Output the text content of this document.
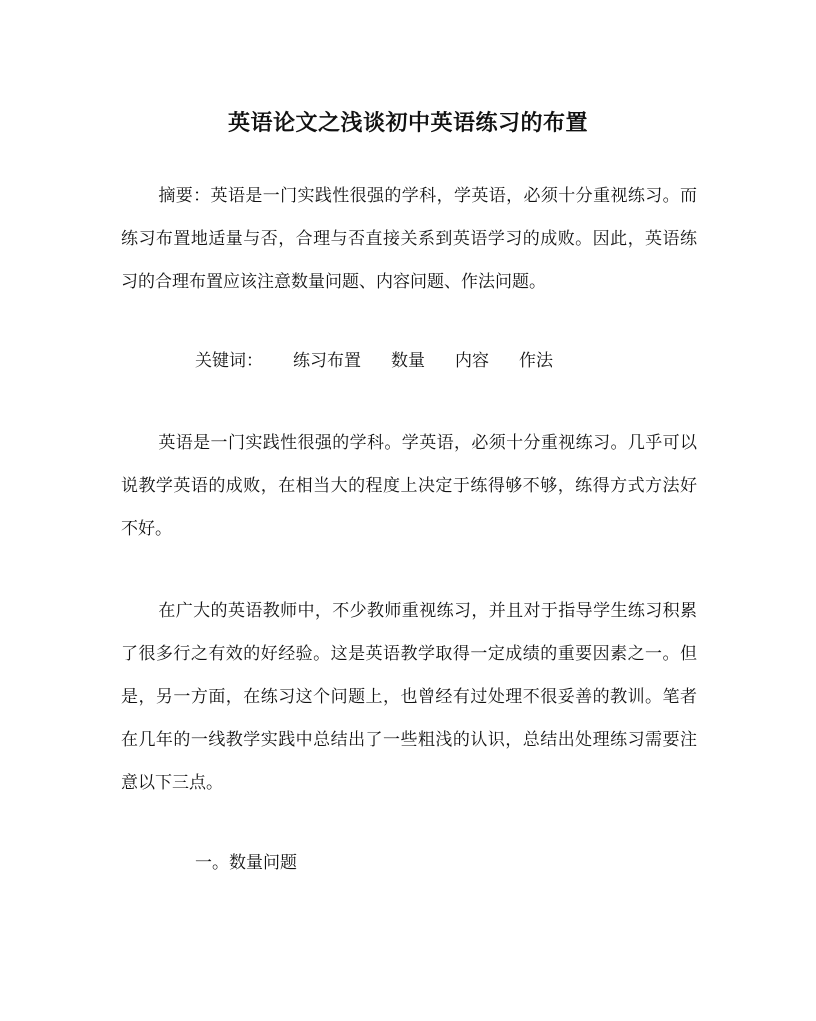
英语论文之浅谈初中英语练习的布置

摘要：英语是一门实践性很强的学科，学英语，必须十分重视练习。而练习布置地适量与否，合理与否直接关系到英语学习的成败。因此，英语练习的合理布置应该注意数量问题、内容问题、作法问题。

关键词： 练习布置 数量 内容 作法

英语是一门实践性很强的学科。学英语，必须十分重视练习。几乎可以说教学英语的成败，在相当大的程度上决定于练得够不够，练得方式方法好不好。

在广大的英语教师中，不少教师重视练习，并且对于指导学生练习积累了很多行之有效的好经验。这是英语教学取得一定成绩的重要因素之一。但是，另一方面，在练习这个问题上，也曾经有过处理不很妥善的教训。笔者在几年的一线教学实践中总结出了一些粗浅的认识，总结出处理练习需要注意以下三点。

一。数量问题
